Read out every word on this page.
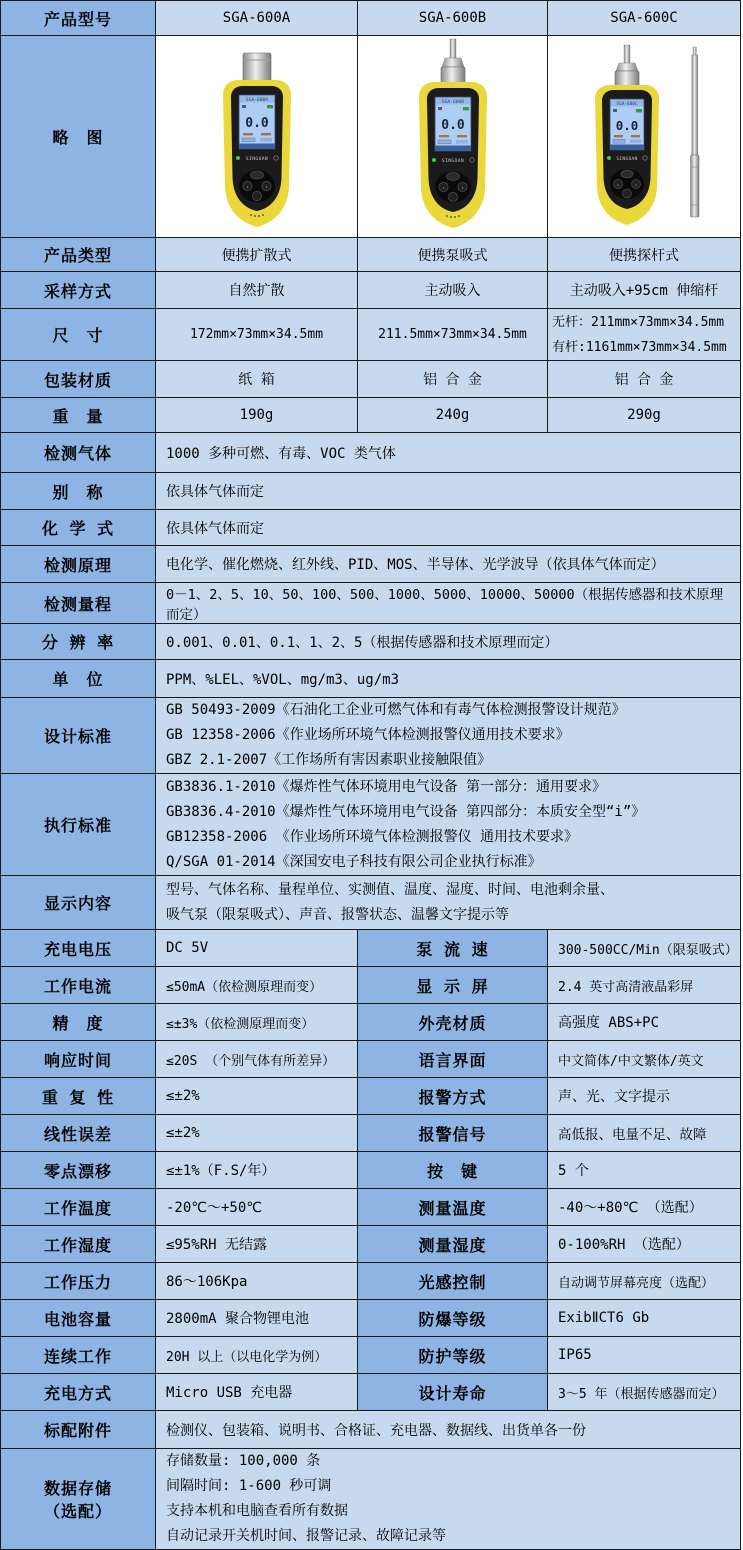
产品型号	SGA-600A	SGA-600B	SGA-600C
略　图	SGA-600A
0.0
SINGOAN
‹ ›	SGA-600B
0.0
SINGOAN
‹ ›	SGA-600C
0.0
SINGOAN
‹ ›

产品类型	便携扩散式	便携泵吸式	便携探杆式
采样方式	自然扩散	主动吸入	主动吸入+95cm 伸缩杆
尺　寸	172mm×73mm×34.5mm	211.5mm×73mm×34.5mm	无杆：211mm×73mm×34.5mm
有杆:1161mm×73mm×34.5mm

包装材质	纸 箱	铝 合 金	铝 合 金
重　量	190g	240g	290g
检测气体	1000 多种可燃、有毒、VOC 类气体		
别　称	依具体气体而定		
化 学 式	依具体气体而定		
检测原理	电化学、催化燃烧、红外线、PID、MOS、半导体、光学波导（依具体气体而定）		
检测量程	0－1、2、5、10、50、100、500、1000、5000、10000、50000（根据传感器和技术原理而定）		
分 辨 率	0.001、0.01、0.1、1、2、5（根据传感器和技术原理而定）		
单　位	PPM、%LEL、%VOL、mg/m3、ug/m3		
设计标准	GB 50493-2009《石油化工企业可燃气体和有毒气体检测报警设计规范》
GB 12358-2006《作业场所环境气体检测报警仪通用技术要求》
GBZ 2.1-2007《工作场所有害因素职业接触限值》		

执行标准	GB3836.1-2010《爆炸性气体环境用电气设备 第一部分：通用要求》
GB3836.4-2010《爆炸性气体环境用电气设备 第四部分：本质安全型“i”》
GB12358-2006 《作业场所环境气体检测报警仪 通用技术要求》
Q/SGA 01-2014《深国安电子科技有限公司企业执行标准》		

显示内容	型号、气体名称、量程单位、实测值、温度、湿度、时间、电池剩余量、
吸气泵（限泵吸式）、声音、报警状态、温馨文字提示等		

充电电压	DC 5V	泵 流 速	300-500CC/Min（限泵吸式）
工作电流	≤50mA（依检测原理而变）	显 示 屏	2.4 英寸高清液晶彩屏
精　度	≤±3%（依检测原理而变）	外壳材质	高强度 ABS+PC
响应时间	≤20S （个别气体有所差异）	语言界面	中文简体/中文繁体/英文
重 复 性	≤±2%	报警方式	声、光、文字提示
线性误差	≤±2%	报警信号	高低报、电量不足、故障
零点漂移	≤±1%（F.S/年）	按　键	5 个
工作温度	-20℃～+50℃	测量温度	-40～+80℃ （选配）
工作湿度	≤95%RH 无结露	测量湿度	0-100%RH （选配）
工作压力	86～106Kpa	光感控制	自动调节屏幕亮度（选配）
电池容量	2800mA 聚合物锂电池	防爆等级	ExibⅡCT6 Gb
连续工作	20H 以上（以电化学为例）	防护等级	IP65
充电方式	Micro USB 充电器	设计寿命	3～5 年（根据传感器而定）
标配附件	检测仪、包装箱、说明书、合格证、充电器、数据线、出货单各一份		

数据存储
（选配）

存储数量: 100,000 条
间隔时间: 1-600 秒可调
支持本机和电脑查看所有数据
自动记录开关机时间、报警记录、故障记录等
